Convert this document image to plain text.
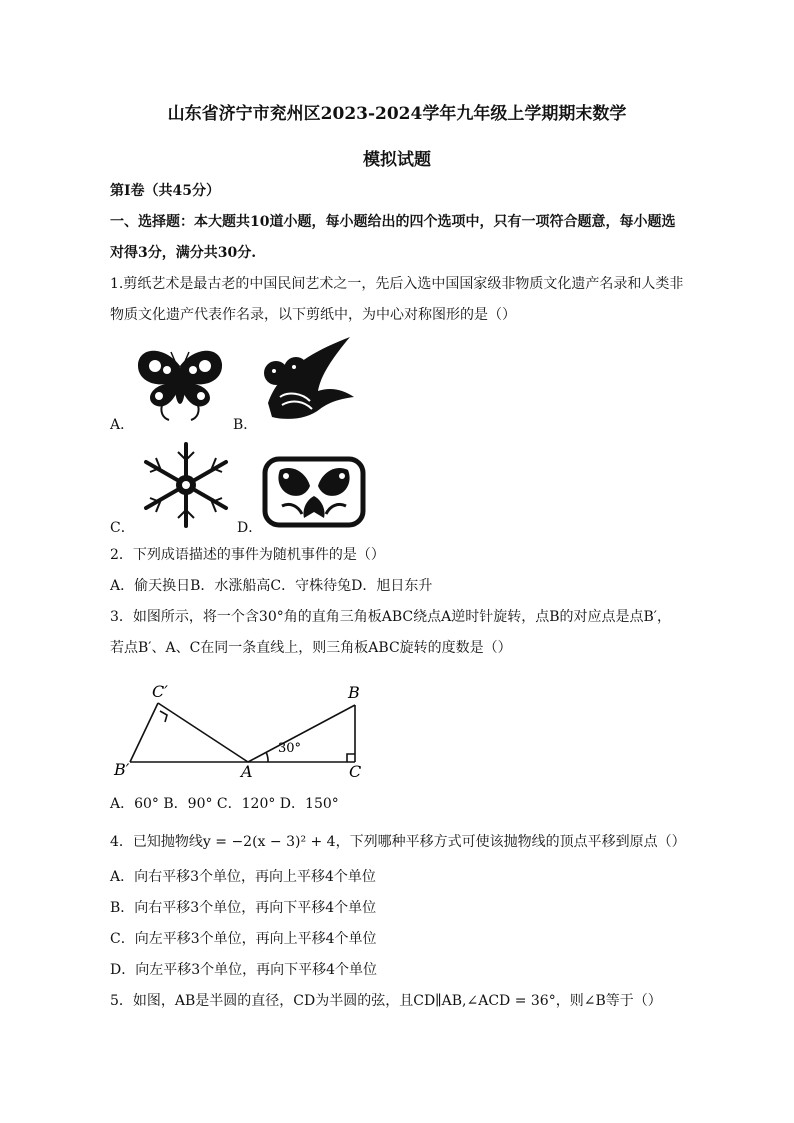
山东省济宁市兖州区2023-2024学年九年级上学期期末数学
模拟试题
第Ⅰ卷（共45分）
一、选择题：本大题共10道小题，每小题给出的四个选项中，只有一项符合题意，每小题选
对得3分，满分共30分.
1.剪纸艺术是最古老的中国民间艺术之一，先后入选中国国家级非物质文化遗产名录和人类非
物质文化遗产代表作名录，以下剪纸中，为中心对称图形的是（）
A．	B．
C．	D．
2．下列成语描述的事件为随机事件的是（）
A．偷天换日B．水涨船高C．守株待兔D．旭日东升
3．如图所示，将一个含30°角的直角三角板ABC绕点A逆时针旋转，点B的对应点是点B′，
若点B′、A、C在同一条直线上，则三角板ABC旋转的度数是（）
C′	B
B′	A	C
30°
A．60° B．90° C．120° D．150°
4．已知抛物线y = −2(x − 3)² + 4，下列哪种平移方式可使该抛物线的顶点平移到原点（）
A．向右平移3个单位，再向上平移4个单位
B．向右平移3个单位，再向下平移4个单位
C．向左平移3个单位，再向上平移4个单位
D．向左平移3个单位，再向下平移4个单位
5．如图，AB是半圆的直径，CD为半圆的弦，且CD∥AB,∠ACD = 36°，则∠B等于（）
